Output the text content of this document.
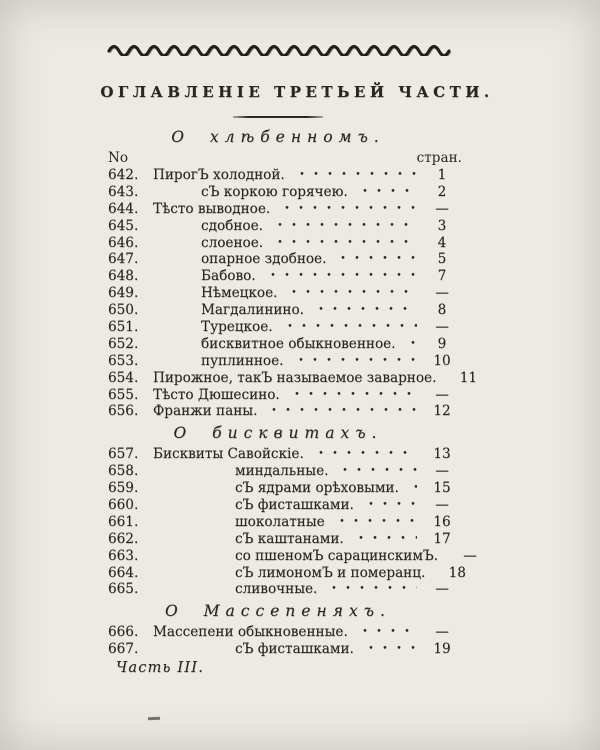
ОГЛАВЛЕНІЕ ТРЕТЬЕЙ ЧАСТИ.
О хлѣбенномъ.
No	стран.
642.	ПирогЪ холодной.	1
643.	сЪ коркою горячею.	2
644.	Тѣсто выводное.	—
645.	сдобное.	3
646.	слоеное.	4
647.	опарное здобное.	5
648.	Бабово.	7
649.	Нѣмецкое.	—
650.	Магдалинино.	8
651.	Турецкое.	—
652.	бисквитное обыкновенное.	9
653.	пуплинное.	10
654.	Пирожное, такЪ называемое заварное.	11
655.	Тѣсто Дюшесино.	—
656.	Франжи паны.	12
О бисквитахъ.
657.	Бисквиты Савойскіе.	13
658.	миндальные.	—
659.	сЪ ядрами орѣховыми.	15
660.	сЪ фисташками.	—
661.	шоколатные	16
662.	сЪ каштанами.	17
663.	со пшеномЪ сарацинскимЪ.	—
664.	сЪ лимономЪ и померанц.	18
665.	сливочные.	—
О Массепеняхъ.
666.	Массепени обыкновенные.	—
667.	сЪ фисташками.	19
Часть III.
